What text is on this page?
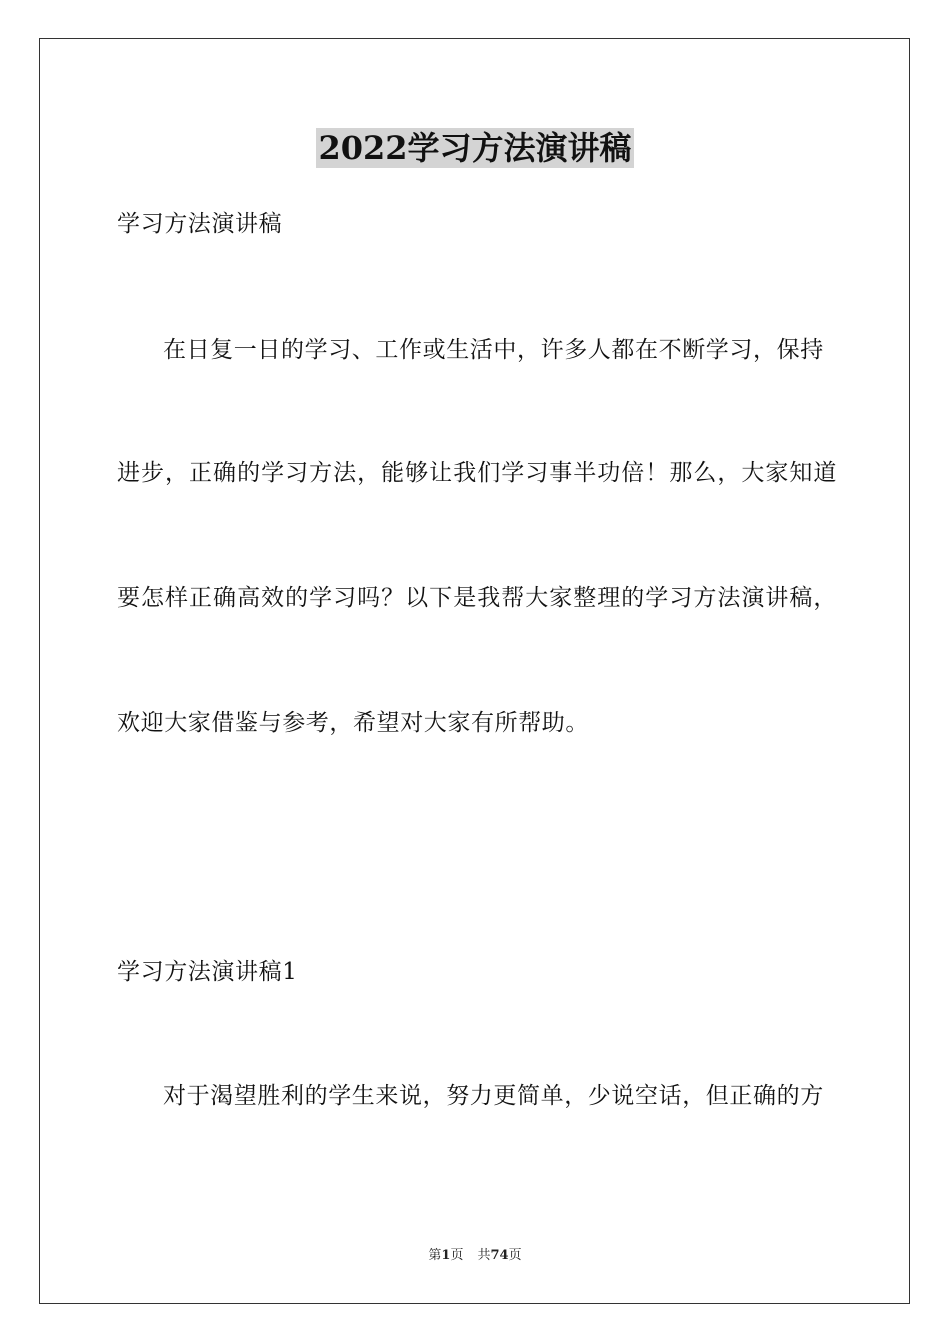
2022学习方法演讲稿

学习方法演讲稿

在日复一日的学习、工作或生活中，许多人都在不断学习，保持

进步，正确的学习方法，能够让我们学习事半功倍！那么，大家知道

要怎样正确高效的学习吗？以下是我帮大家整理的学习方法演讲稿，

欢迎大家借鉴与参考，希望对大家有所帮助。

学习方法演讲稿1

对于渴望胜利的学生来说，努力更简单，少说空话，但正确的方

第1页 共74页
